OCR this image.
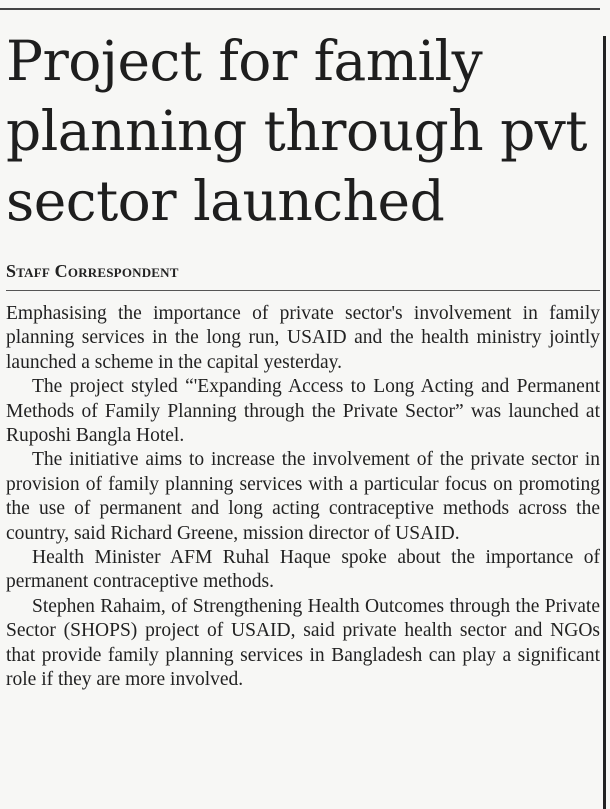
Project for family planning through pvt sector launched
Staff Correspondent

Emphasising the importance of private sector's involvement in family planning services in the long run, USAID and the health ministry jointly launched a scheme in the capital yesterday.

The project styled “'Expanding Access to Long Acting and Permanent Methods of Family Planning through the Private Sector” was launched at Ruposhi Bangla Hotel.

The initiative aims to increase the involvement of the private sector in provision of family planning services with a particular focus on promoting the use of permanent and long acting contraceptive methods across the country, said Richard Greene, mission director of USAID.

Health Minister AFM Ruhal Haque spoke about the importance of permanent contraceptive methods.

Stephen Rahaim, of Strengthening Health Outcomes through the Private Sector (SHOPS) project of USAID, said private health sector and NGOs that provide family planning services in Bangladesh can play a significant role if they are more involved.
